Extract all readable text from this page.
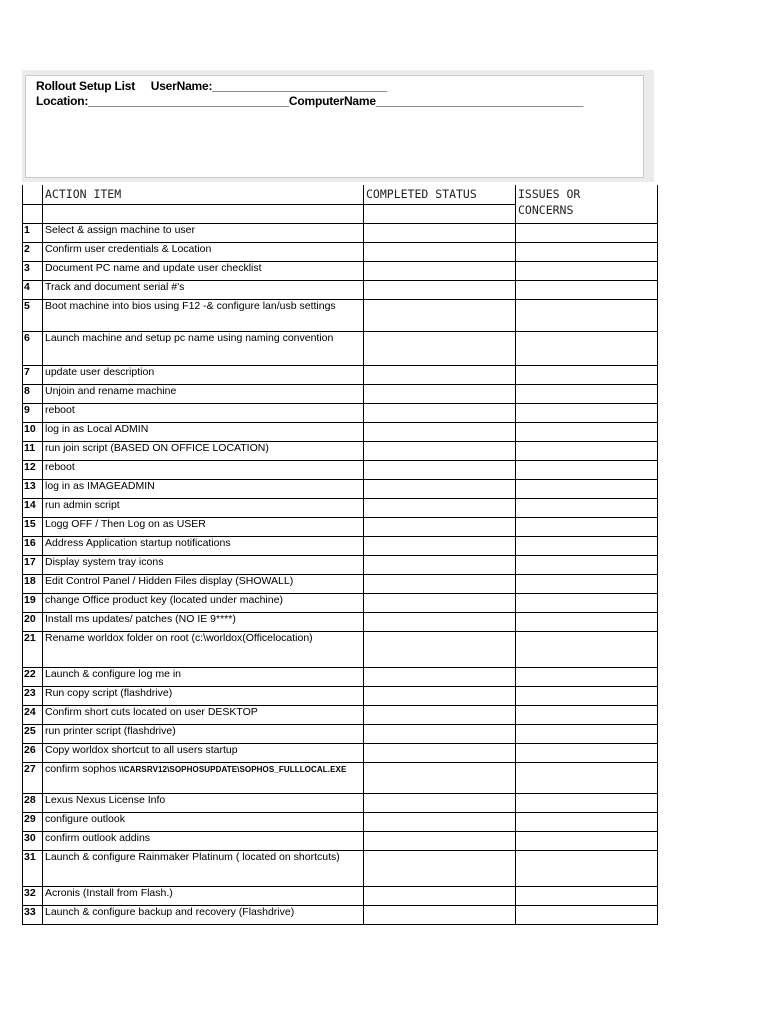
Rollout Setup List     UserName:___________________________
Location:_______________________________ComputerName________________________________
	ACTION ITEM	COMPLETED STATUS	ISSUES OR
CONCERNS

1	Select & assign machine to user		
2	Confirm user credentials & Location		
3	Document PC name and update user checklist		
4	Track and document serial #'s		
5	Boot machine into bios using F12 -& configure lan/usb settings		
6	Launch machine and setup pc name using naming convention		
7	update user description		
8	Unjoin and rename machine		
9	reboot		
10	log in as Local ADMIN		
11	run join script (BASED ON OFFICE LOCATION)		
12	reboot		
13	log in as IMAGEADMIN		
14	run admin script		
15	Logg OFF / Then Log on as USER		
16	Address Application startup notifications		
17	Display system tray icons		
18	Edit Control Panel / Hidden Files display (SHOWALL)		
19	change Office product key (located under machine)		
20	Install ms updates/ patches (NO IE 9****)		
21	Rename worldox folder on root (c:\worldox(Officelocation)		
22	Launch & configure log me in		
23	Run copy script (flashdrive)		
24	Confirm short cuts located on user DESKTOP		
25	run printer script (flashdrive)		
26	Copy worldox shortcut to all users startup		
27	confirm sophos \\CARSRV12\SOPHOSUPDATE\SOPHOS_FULLLOCAL.EXE		
28	Lexus Nexus License Info		
29	configure outlook		
30	confirm outlook addins		
31	Launch & configure Rainmaker Platinum ( located on shortcuts)		
32	Acronis (Install from Flash.)		
33	Launch & configure backup and recovery (Flashdrive)		
